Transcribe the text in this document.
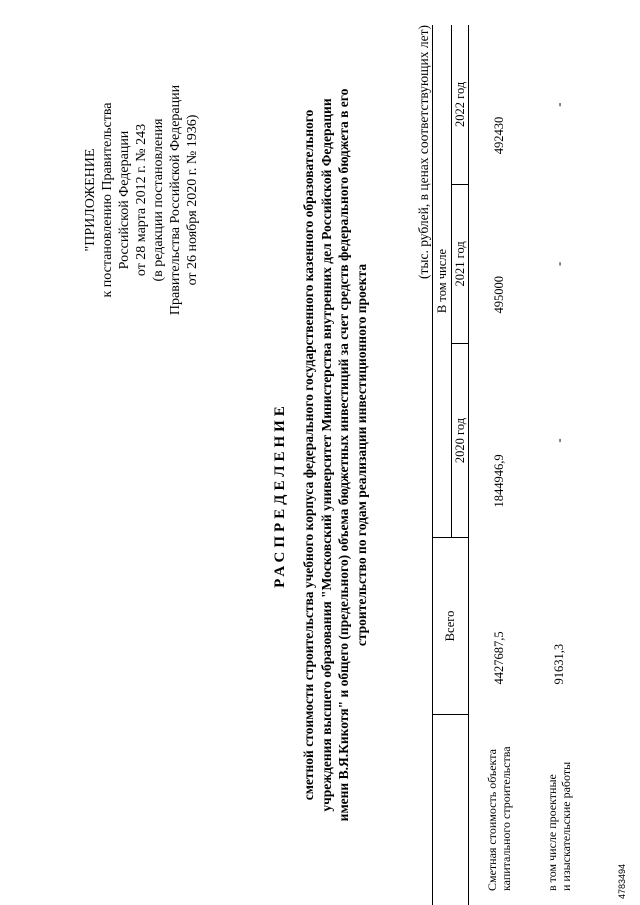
"ПРИЛОЖЕНИЕ к постановлению Правительства Российской Федерации от 28 марта 2012 г. № 243 (в редакции постановления Правительства Российской Федерации от 26 ноября 2020 г. № 1936)
РАСПРЕДЕЛЕНИЕ сметной стоимости строительства учебного корпуса федерального государственного казенного образовательного учреждения высшего образования "Московский университет Министерства внутренних дел Российской Федерации имени В.Я.Кикотя" и общего (предельного) объема бюджетных инвестиций за счет средств федерального бюджета в его строительство по годам реализации инвестиционного проекта
(тыс. рублей, в ценах соответствующих лет)
	Всего	В том числе		
		2020 год	2021 год	2022 год

Сметная стоимость объекта капитального строительства	4427687,5	1844946,9	495000	492430

в том числе проектные и изыскательские работы	91631,3	-	-	-
4783494
